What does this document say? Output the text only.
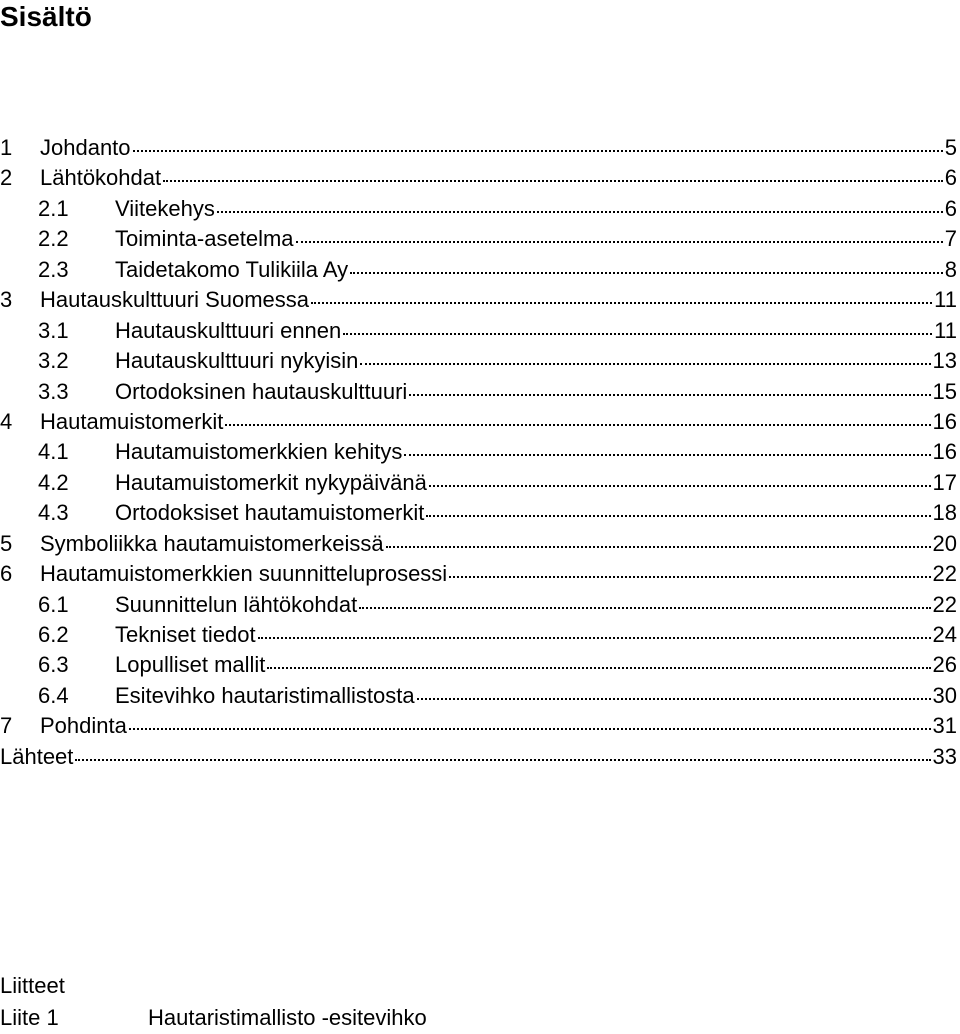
Sisältö
1	Johdanto	5
2	Lähtökohdat	6
2.1	Viitekehys	6
2.2	Toiminta-asetelma	7
2.3	Taidetakomo Tulikiila Ay	8
3	Hautauskulttuuri Suomessa	11
3.1	Hautauskulttuuri ennen	11
3.2	Hautauskulttuuri nykyisin	13
3.3	Ortodoksinen hautauskulttuuri	15
4	Hautamuistomerkit	16
4.1	Hautamuistomerkkien kehitys	16
4.2	Hautamuistomerkit nykypäivänä	17
4.3	Ortodoksiset hautamuistomerkit	18
5	Symboliikka hautamuistomerkeissä	20
6	Hautamuistomerkkien suunnitteluprosessi	22
6.1	Suunnittelun lähtökohdat	22
6.2	Tekniset tiedot	24
6.3	Lopulliset mallit	26
6.4	Esitevihko hautaristimallistosta	30
7	Pohdinta	31
Lähteet	33
Liitteet
Liite 1	Hautaristimallisto -esitevihko
